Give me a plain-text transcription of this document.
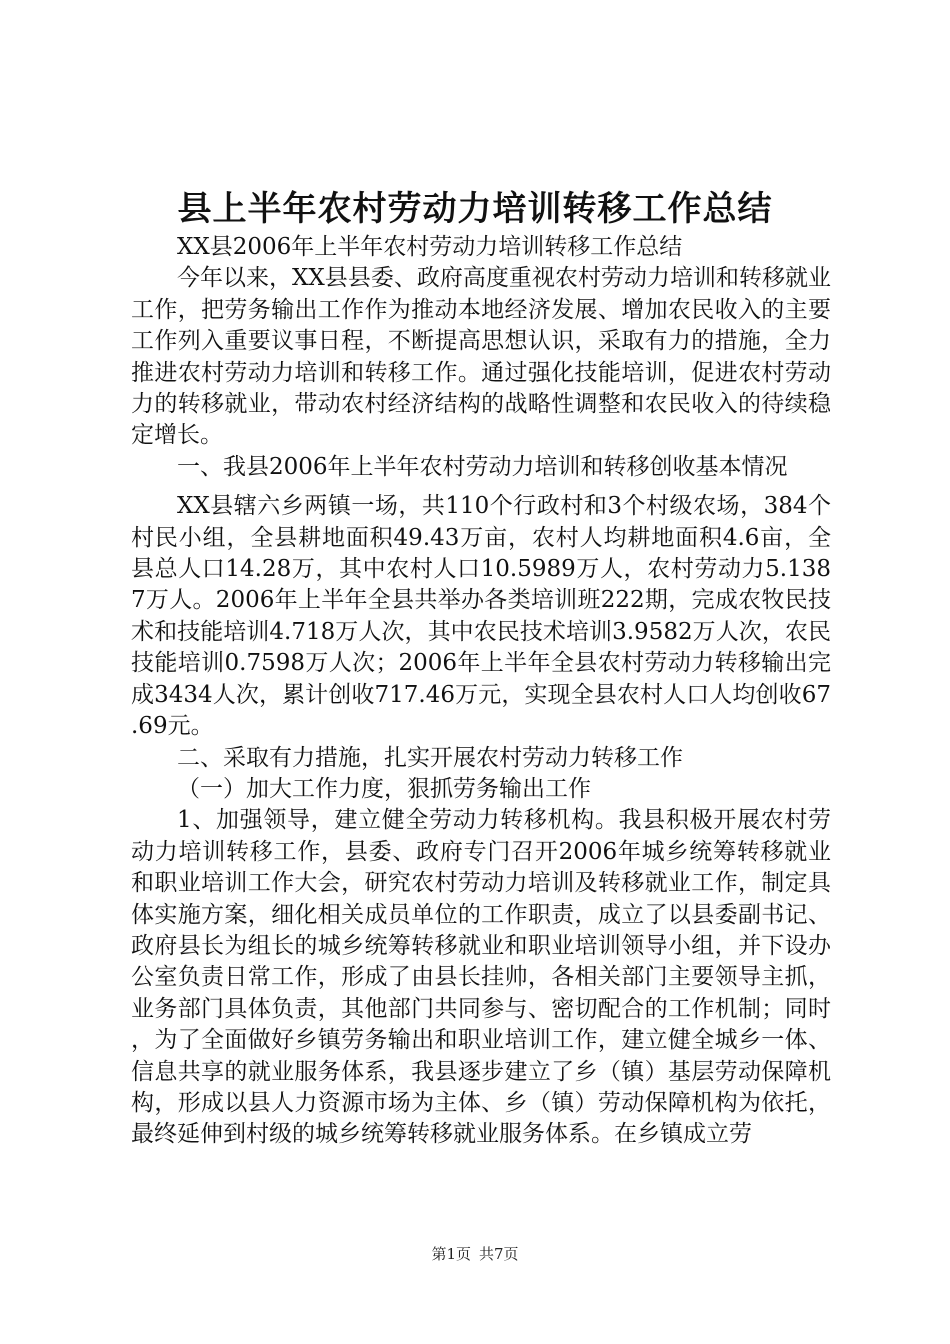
县上半年农村劳动力培训转移工作总结

XX县2006年上半年农村劳动力培训转移工作总结

今年以来，XX县县委、政府高度重视农村劳动力培训和转移就业工作，把劳务输出工作作为推动本地经济发展、增加农民收入的主要工作列入重要议事日程，不断提高思想认识，采取有力的措施，全力推进农村劳动力培训和转移工作。通过强化技能培训，促进农村劳动力的转移就业，带动农村经济结构的战略性调整和农民收入的待续稳定增长。

一、我县2006年上半年农村劳动力培训和转移创收基本情况

XX县辖六乡两镇一场，共110个行政村和3个村级农场，384个村民小组，全县耕地面积49.43万亩，农村人均耕地面积4.6亩，全县总人口14.28万，其中农村人口10.5989万人，农村劳动力5.1387万人。2006年上半年全县共举办各类培训班222期，完成农牧民技术和技能培训4.718万人次，其中农民技术培训3.9582万人次，农民技能培训0.7598万人次；2006年上半年全县农村劳动力转移输出完成3434人次，累计创收717.46万元，实现全县农村人口人均创收67.69元。

二、采取有力措施，扎实开展农村劳动力转移工作

（一）加大工作力度，狠抓劳务输出工作

1、加强领导，建立健全劳动力转移机构。我县积极开展农村劳动力培训转移工作，县委、政府专门召开2006年城乡统筹转移就业和职业培训工作大会，研究农村劳动力培训及转移就业工作，制定具体实施方案，细化相关成员单位的工作职责，成立了以县委副书记、政府县长为组长的城乡统筹转移就业和职业培训领导小组，并下设办公室负责日常工作，形成了由县长挂帅，各相关部门主要领导主抓，业务部门具体负责，其他部门共同参与、密切配合的工作机制；同时，为了全面做好乡镇劳务输出和职业培训工作，建立健全城乡一体、信息共享的就业服务体系，我县逐步建立了乡（镇）基层劳动保障机构，形成以县人力资源市场为主体、乡（镇）劳动保障机构为依托，最终延伸到村级的城乡统筹转移就业服务体系。在乡镇成立劳

第1页 共7页
